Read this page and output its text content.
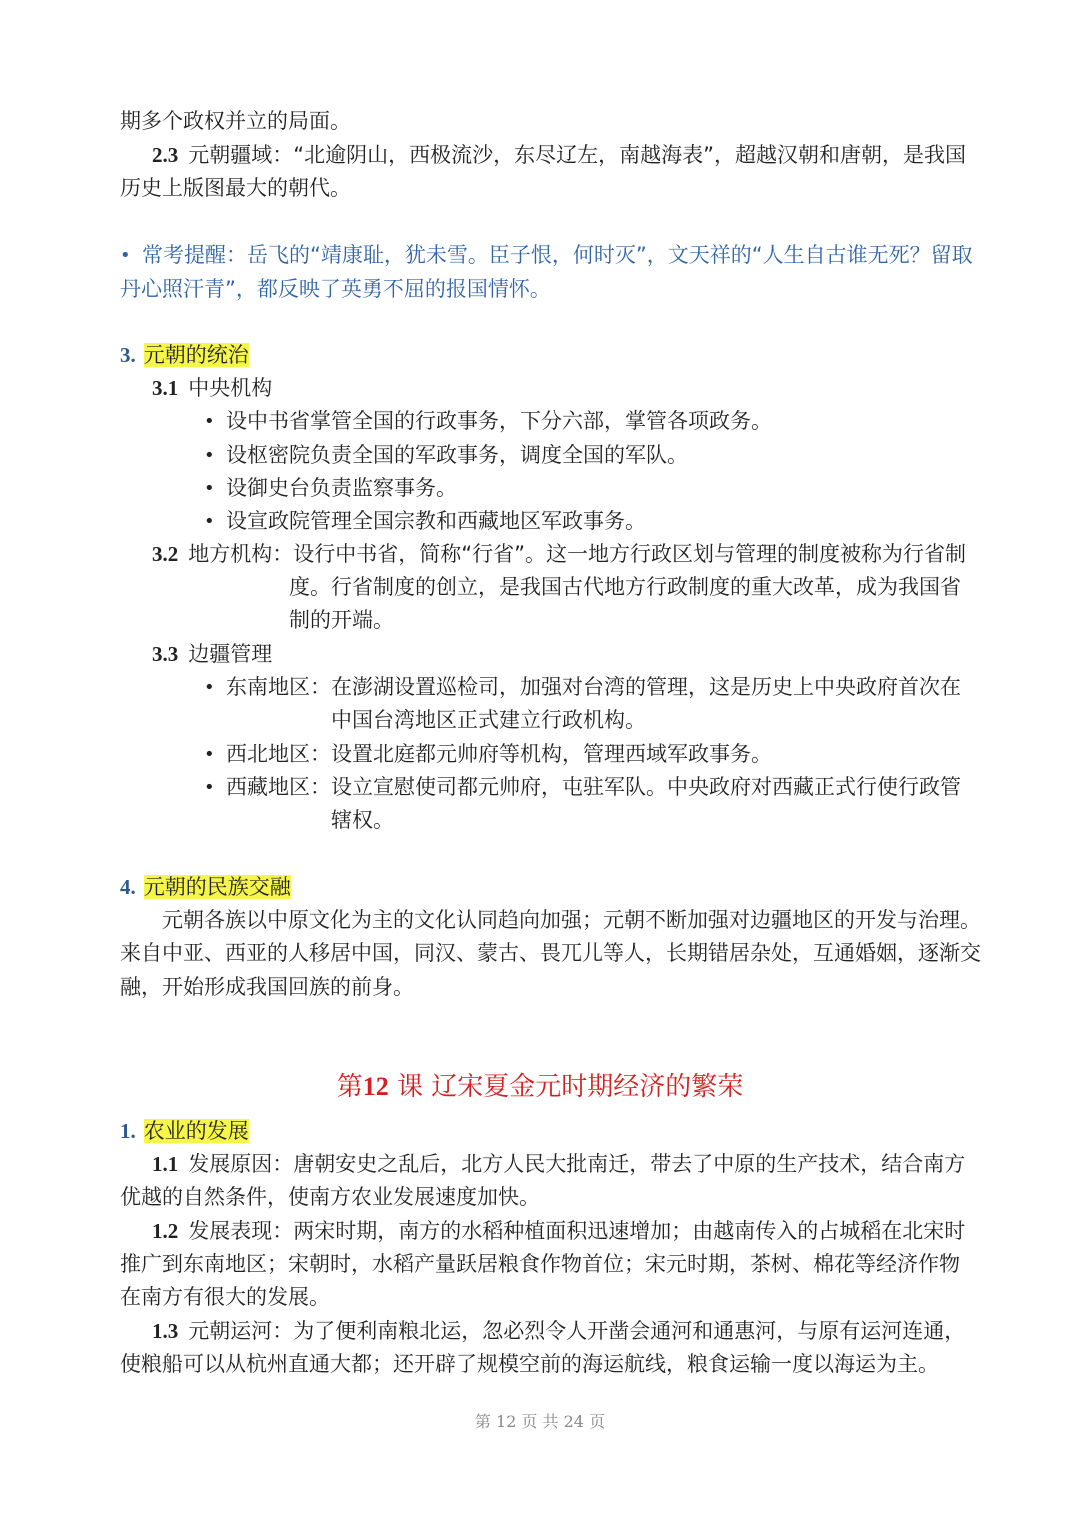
期多个政权并立的局面。
2.3 元朝疆域：“北逾阴山，西极流沙，东尽辽左，南越海表”，超越汉朝和唐朝，是我国
历史上版图最大的朝代。
• 常考提醒：岳飞的“靖康耻，犹未雪。臣子恨，何时灭”，文天祥的“人生自古谁无死？留取
丹心照汗青”，都反映了英勇不屈的报国情怀。
3. 元朝的统治
3.1 中央机构
• 设中书省掌管全国的行政事务，下分六部，掌管各项政务。
• 设枢密院负责全国的军政事务，调度全国的军队。
• 设御史台负责监察事务。
• 设宣政院管理全国宗教和西藏地区军政事务。
3.2 地方机构：设行中书省，简称“行省”。这一地方行政区划与管理的制度被称为行省制
度。行省制度的创立，是我国古代地方行政制度的重大改革，成为我国省
制的开端。
3.3 边疆管理
• 东南地区：在澎湖设置巡检司，加强对台湾的管理，这是历史上中央政府首次在
中国台湾地区正式建立行政机构。
• 西北地区：设置北庭都元帅府等机构，管理西域军政事务。
• 西藏地区：设立宣慰使司都元帅府，屯驻军队。中央政府对西藏正式行使行政管
辖权。
4. 元朝的民族交融
元朝各族以中原文化为主的文化认同趋向加强；元朝不断加强对边疆地区的开发与治理。
来自中亚、西亚的人移居中国，同汉、蒙古、畏兀儿等人，长期错居杂处，互通婚姻，逐渐交
融，开始形成我国回族的前身。
第12 课 辽宋夏金元时期经济的繁荣
1. 农业的发展
1.1 发展原因：唐朝安史之乱后，北方人民大批南迁，带去了中原的生产技术，结合南方
优越的自然条件，使南方农业发展速度加快。
1.2 发展表现：两宋时期，南方的水稻种植面积迅速增加；由越南传入的占城稻在北宋时
推广到东南地区；宋朝时，水稻产量跃居粮食作物首位；宋元时期，茶树、棉花等经济作物
在南方有很大的发展。
1.3 元朝运河：为了便利南粮北运，忽必烈令人开凿会通河和通惠河，与原有运河连通，
使粮船可以从杭州直通大都；还开辟了规模空前的海运航线，粮食运输一度以海运为主。
第 12 页 共 24 页
